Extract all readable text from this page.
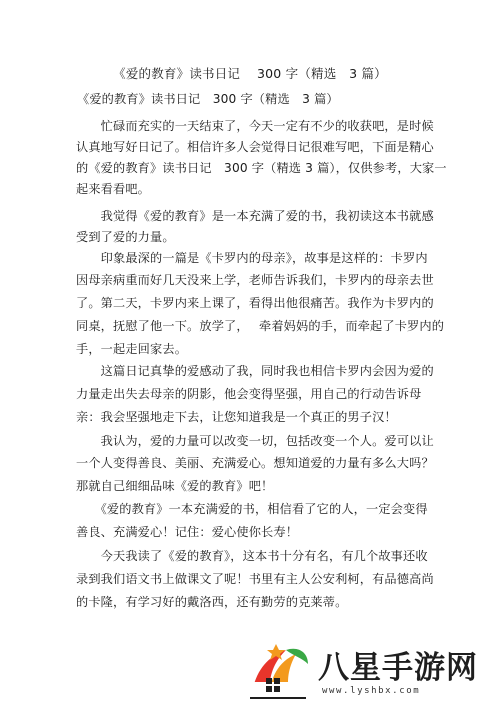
《爱的教育》读书日记　 300 字（精选　3 篇）
《爱的教育》读书日记　300 字（精选　3 篇）
　　忙碌而充实的一天结束了，今天一定有不少的收获吧，是时候
认真地写好日记了。相信许多人会觉得日记很难写吧，下面是精心
的《爱的教育》读书日记　300 字（精选 3 篇），仅供参考，大家一
起来看看吧。
　　我觉得《爱的教育》是一本充满了爱的书，我初读这本书就感
受到了爱的力量。
　　印象最深的一篇是《卡罗内的母亲》，故事是这样的：卡罗内
因母亲病重而好几天没来上学，老师告诉我们，卡罗内的母亲去世
了。第二天，卡罗内来上课了，看得出他很痛苦。我作为卡罗内的
同桌，抚慰了他一下。放学了，　 牵着妈妈的手，而牵起了卡罗内的
手，一起走回家去。
　　这篇日记真挚的爱感动了我，同时我也相信卡罗内会因为爱的
力量走出失去母亲的阴影，他会变得坚强，用自己的行动告诉母
亲：我会坚强地走下去，让您知道我是一个真正的男子汉！
　　我认为，爱的力量可以改变一切，包括改变一个人。爱可以让
一个人变得善良、美丽、充满爱心。想知道爱的力量有多么大吗？
那就自己细细品味《爱的教育》吧！
　　《爱的教育》一本充满爱的书，相信看了它的人，一定会变得
善良、充满爱心！记住：爱心使你长寿！
　　今天我读了《爱的教育》，这本书十分有名，有几个故事还收
录到我们语文书上做课文了呢！书里有主人公安利柯，有品德高尚
的卡隆，有学习好的戴洛西，还有勤劳的克莱蒂。
八星手游网
www.lyshbx.com
